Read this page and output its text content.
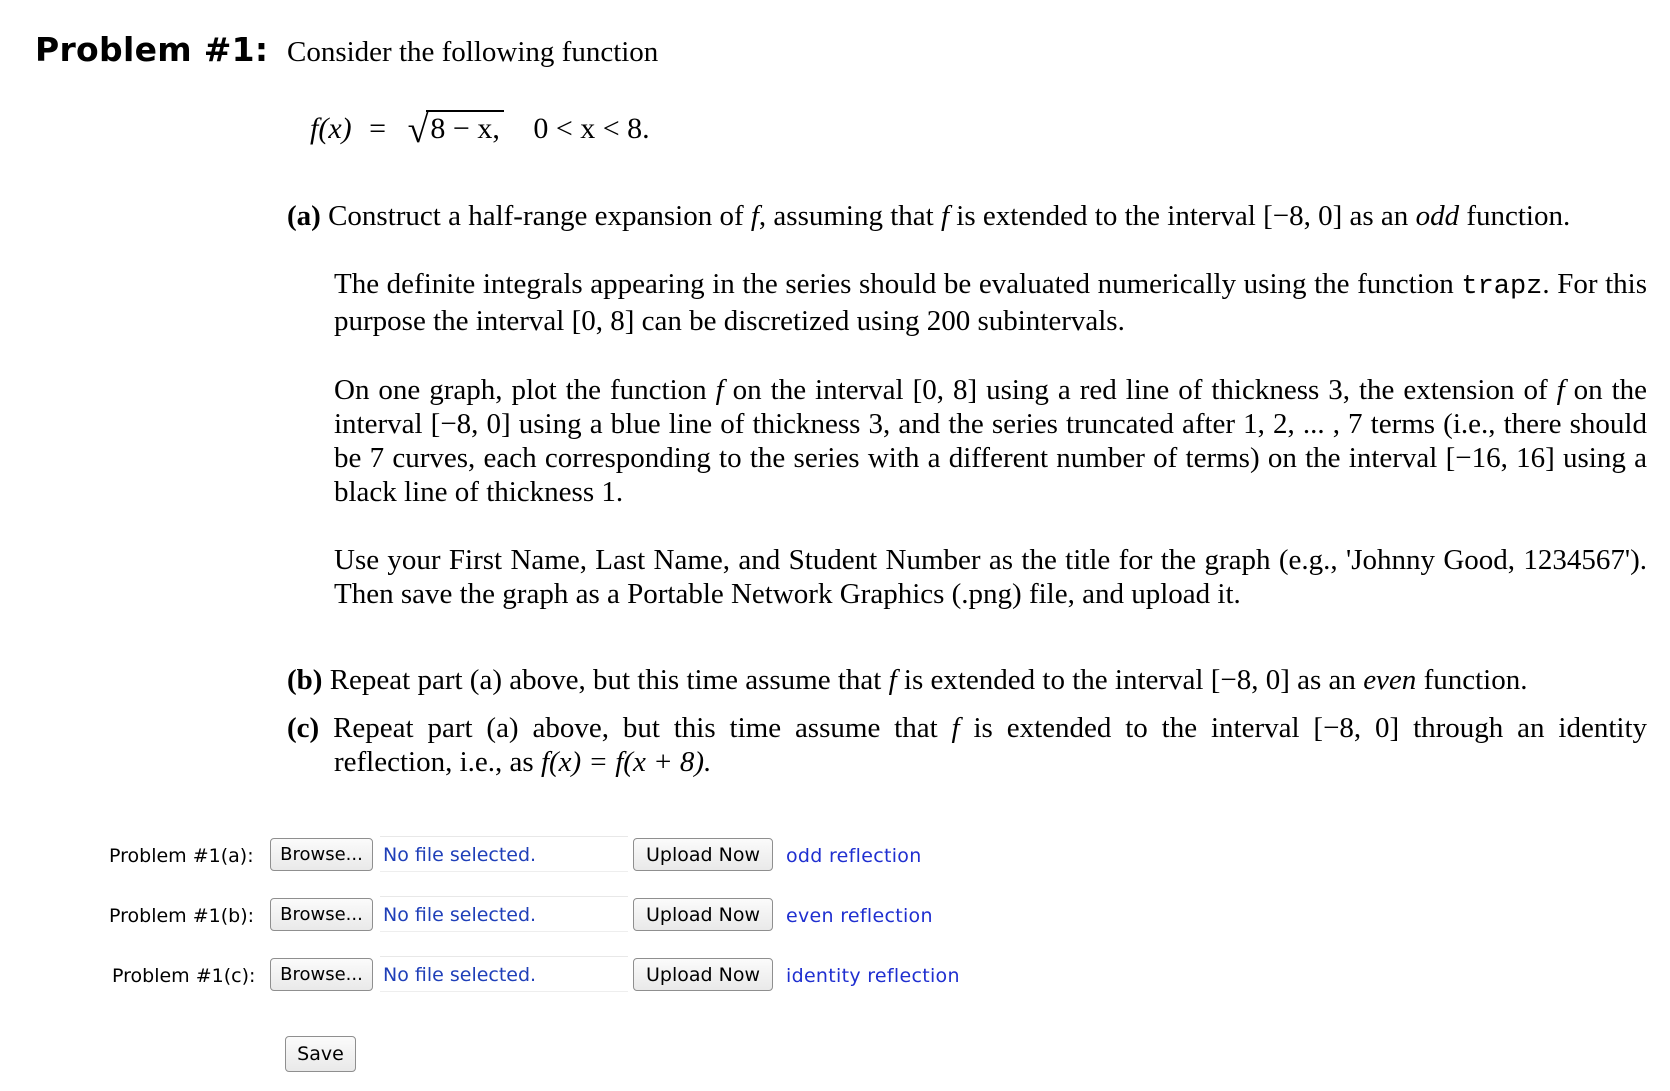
Problem #1: Consider the following function
f(x) = √8 − x, 0 < x < 8.
(a) Construct a half-range expansion of f, assuming that f is extended to the interval [−8, 0] as an odd function.
The definite integrals appearing in the series should be evaluated numerically using the function trapz. For this purpose the interval [0, 8] can be discretized using 200 subintervals.
On one graph, plot the function f on the interval [0, 8] using a red line of thickness 3, the extension of f on the interval [−8, 0] using a blue line of thickness 3, and the series truncated after 1, 2, ... , 7 terms (i.e., there should be 7 curves, each corresponding to the series with a different number of terms) on the interval [−16, 16] using a black line of thickness 1.
Use your First Name, Last Name, and Student Number as the title for the graph (e.g., 'Johnny Good, 1234567'). Then save the graph as a Portable Network Graphics (.png) file, and upload it.
(b) Repeat part (a) above, but this time assume that f is extended to the interval [−8, 0] as an even function.
(c) Repeat part (a) above, but this time assume that f is extended to the interval [−8, 0] through an identity
reflection, i.e., as f(x) = f(x + 8).
Problem #1(a):	Browse...	No file selected.	Upload Now	odd reflection
Problem #1(b):	Browse...	No file selected.	Upload Now	even reflection
Problem #1(c):	Browse...	No file selected.	Upload Now	identity reflection
Save
